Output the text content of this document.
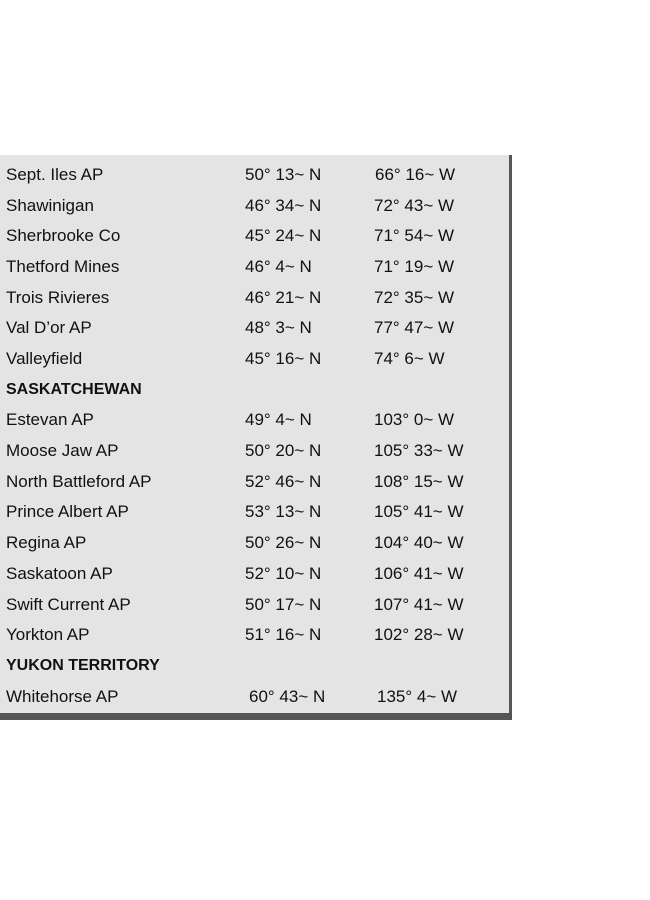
Sept. Iles AP	50° 13~ N	66° 16~ W
Shawinigan	46° 34~ N	72° 43~ W
Sherbrooke Co	45° 24~ N	71° 54~ W
Thetford Mines	46° 4~ N	71° 19~ W
Trois Rivieres	46° 21~ N	72° 35~ W
Val D’or AP	48° 3~ N	77° 47~ W
Valleyfield	45° 16~ N	74° 6~ W
SASKATCHEWAN
Estevan AP	49° 4~ N	103° 0~ W
Moose Jaw AP	50° 20~ N	105° 33~ W
North Battleford AP	52° 46~ N	108° 15~ W
Prince Albert AP	53° 13~ N	105° 41~ W
Regina AP	50° 26~ N	104° 40~ W
Saskatoon AP	52° 10~ N	106° 41~ W
Swift Current AP	50° 17~ N	107° 41~ W
Yorkton AP	51° 16~ N	102° 28~ W
YUKON TERRITORY
Whitehorse AP	60° 43~ N	135° 4~ W
